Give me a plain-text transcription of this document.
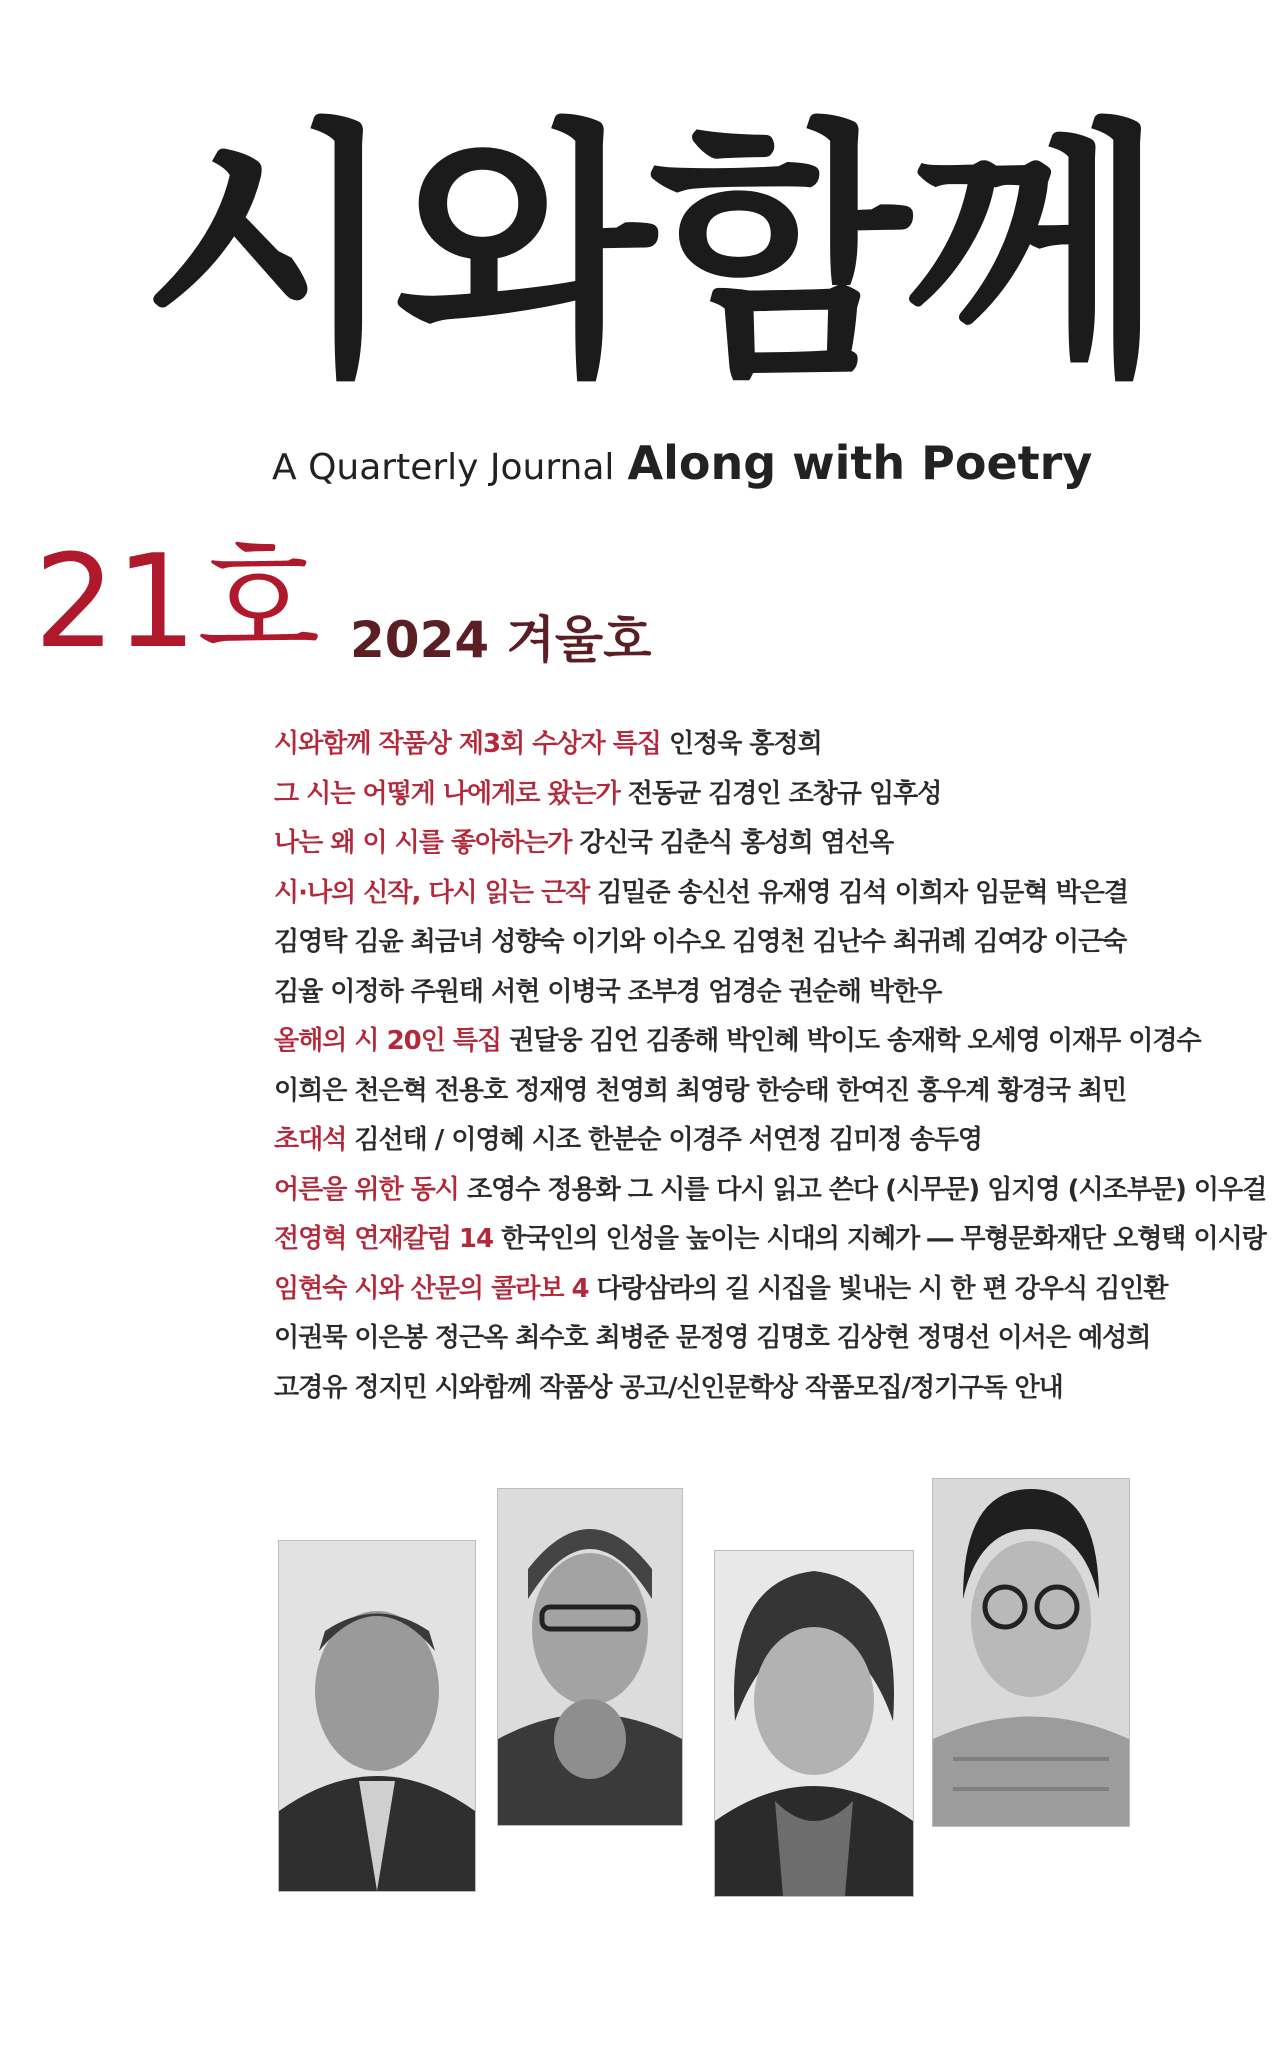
시와함께
A Quarterly Journal Along with Poetry
21호 2024 겨울호
시와함께 작품상 제3회 수상자 특집 인정욱 홍정희
그 시는 어떻게 나에게로 왔는가 전동균 김경인 조창규 임후성
나는 왜 이 시를 좋아하는가 강신국 김춘식 홍성희 염선옥
시·나의 신작, 다시 읽는 근작 김밀준 송신선 유재영 김석 이희자 임문혁 박은결
김영탁 김윤 최금녀 성향숙 이기와 이수오 김영천 김난수 최귀례 김여강 이근숙
김율 이정하 주원태 서현 이병국 조부경 엄경순 권순해 박한우
올해의 시 20인 특집 권달웅 김언 김종해 박인혜 박이도 송재학 오세영 이재무 이경수
이희은 천은혁 전용호 정재영 천영희 최영랑 한승태 한여진 홍우계 황경국 최민
초대석 김선태 / 이영혜 시조 한분순 이경주 서연정 김미정 송두영
어른을 위한 동시 조영수 정용화 그 시를 다시 읽고 쓴다 (시무문) 임지영 (시조부문) 이우걸
전영혁 연재칼럼 14 한국인의 인성을 높이는 시대의 지혜가 ― 무형문화재단 오형택 이시랑
임현숙 시와 산문의 콜라보 4 다랑삼라의 길 시집을 빛내는 시 한 편 강우식 김인환
이권묵 이은봉 정근옥 최수호 최병준 문정영 김명호 김상현 정명선 이서은 예성희
고경유 정지민 시와함께 작품상 공고/신인문학상 작품모집/정기구독 안내
